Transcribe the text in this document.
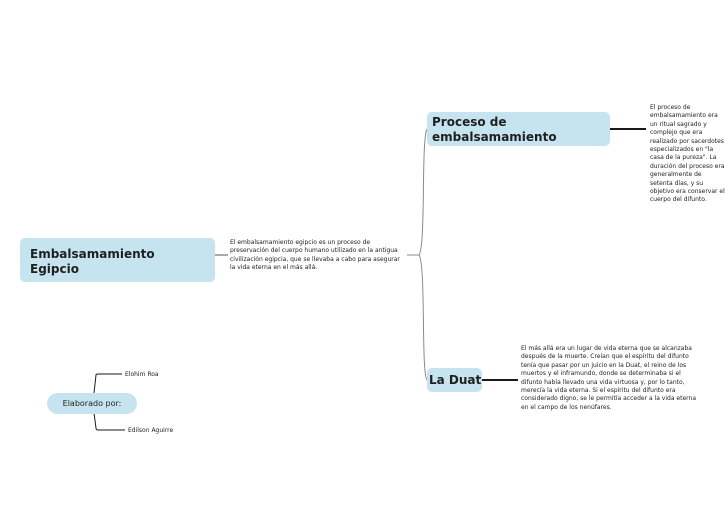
Embalsamamiento Egipcio
El embalsamamiento egipcio es un proceso de preservación del cuerpo humano utilizado en la antigua civilización egipcia, que se llevaba a cabo para asegurar la vida eterna en el más allá.
Proceso de embalsamamiento
El proceso de embalsamamiento era un ritual sagrado y complejo que era realizado por sacerdotes especializados en "la casa de la pureza". La duración del proceso era generalmente de setenta días, y su objetivo era conservar el cuerpo del difunto.
La Duat
El más allá era un lugar de vida eterna que se alcanzaba después de la muerte. Creían que el espíritu del difunto tenía que pasar por un juicio en la Duat, el reino de los muertos y el inframundo, donde se determinaba si el difunto había llevado una vida virtuosa y, por lo tanto, merecía la vida eterna. Si el espíritu del difunto era considerado digno, se le permitía acceder a la vida eterna en el campo de los nenúfares.
Elaborado por:
Elohim Roa
Edilson Aguirre
